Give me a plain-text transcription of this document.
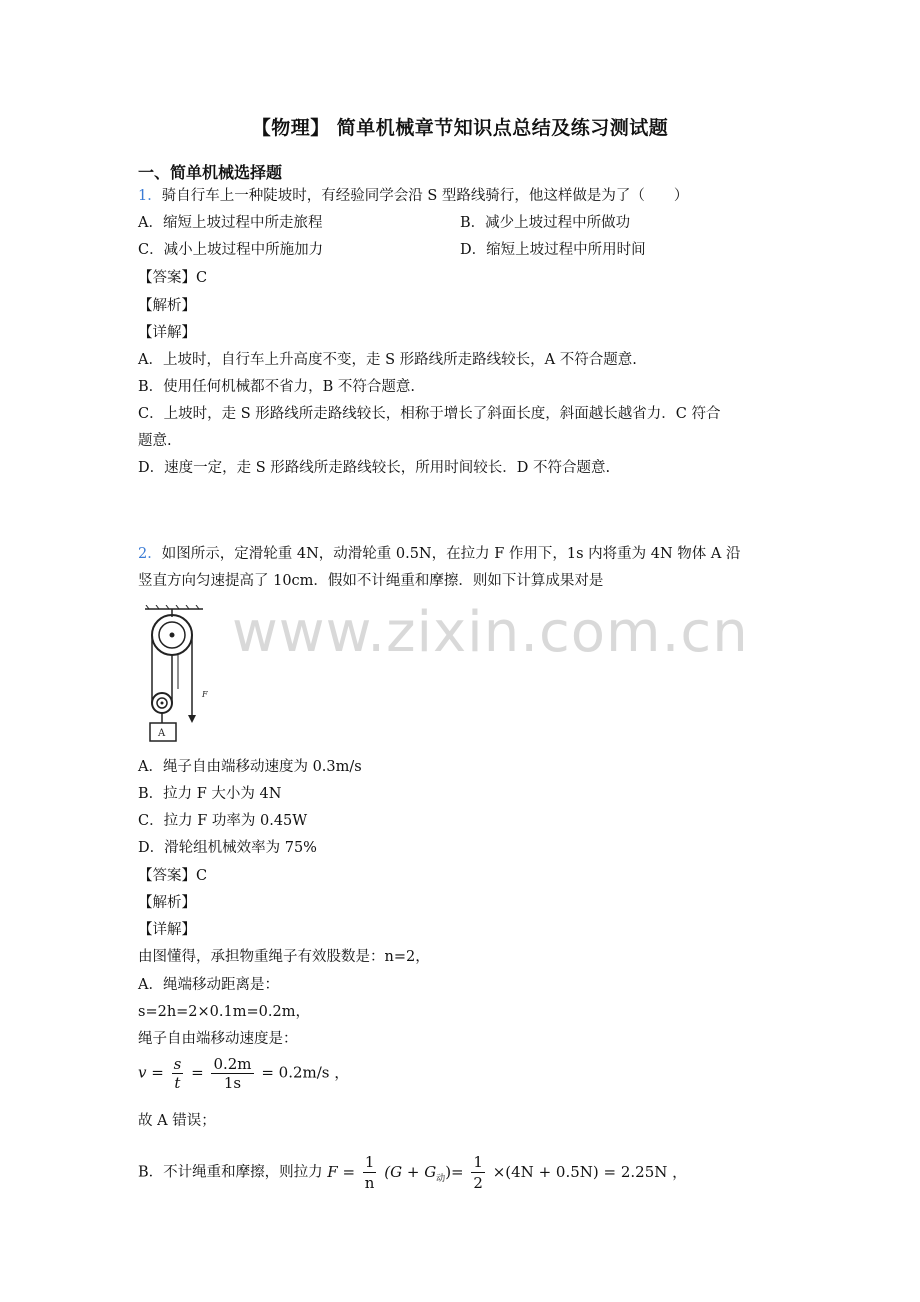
【物理】 简单机械章节知识点总结及练习测试题
一、简单机械选择题
1．骑自行车上一种陡坡时，有经验同学会沿 S 型路线骑行，他这样做是为了（　　）
A．缩短上坡过程中所走旅程	B．减少上坡过程中所做功
C．减小上坡过程中所施加力	D．缩短上坡过程中所用时间
【答案】C
【解析】
【详解】
A．上坡时，自行车上升高度不变，走 S 形路线所走路线较长，A 不符合题意.
B．使用任何机械都不省力，B 不符合题意.
C．上坡时，走 S 形路线所走路线较长，相称于增长了斜面长度，斜面越长越省力．C 符合
题意.
D．速度一定，走 S 形路线所走路线较长，所用时间较长．D 不符合题意.
2．如图所示，定滑轮重 4N，动滑轮重 0.5N，在拉力 F 作用下，1s 内将重为 4N 物体 A 沿
竖直方向匀速提高了 10cm．假如不计绳重和摩擦．则如下计算成果对是
F
A
www.zixin.com.cn
A．绳子自由端移动速度为 0.3m/s
B．拉力 F 大小为 4N
C．拉力 F 功率为 0.45W
D．滑轮组机械效率为 75%
【答案】C
【解析】
【详解】
由图懂得，承担物重绳子有效股数是：n=2，
A．绳端移动距离是：
s=2h=2×0.1m=0.2m，
绳子自由端移动速度是：
$v = \frac{s}{t} = \frac{0.2m}{1s} = 0.2m/s$ ，
故 A 错误；
B．不计绳重和摩擦，则拉力 $F = \frac{1}{n} (G + G_动)= \frac{1}{2} \times(4N + 0.5N) = 2.25N$ ，
